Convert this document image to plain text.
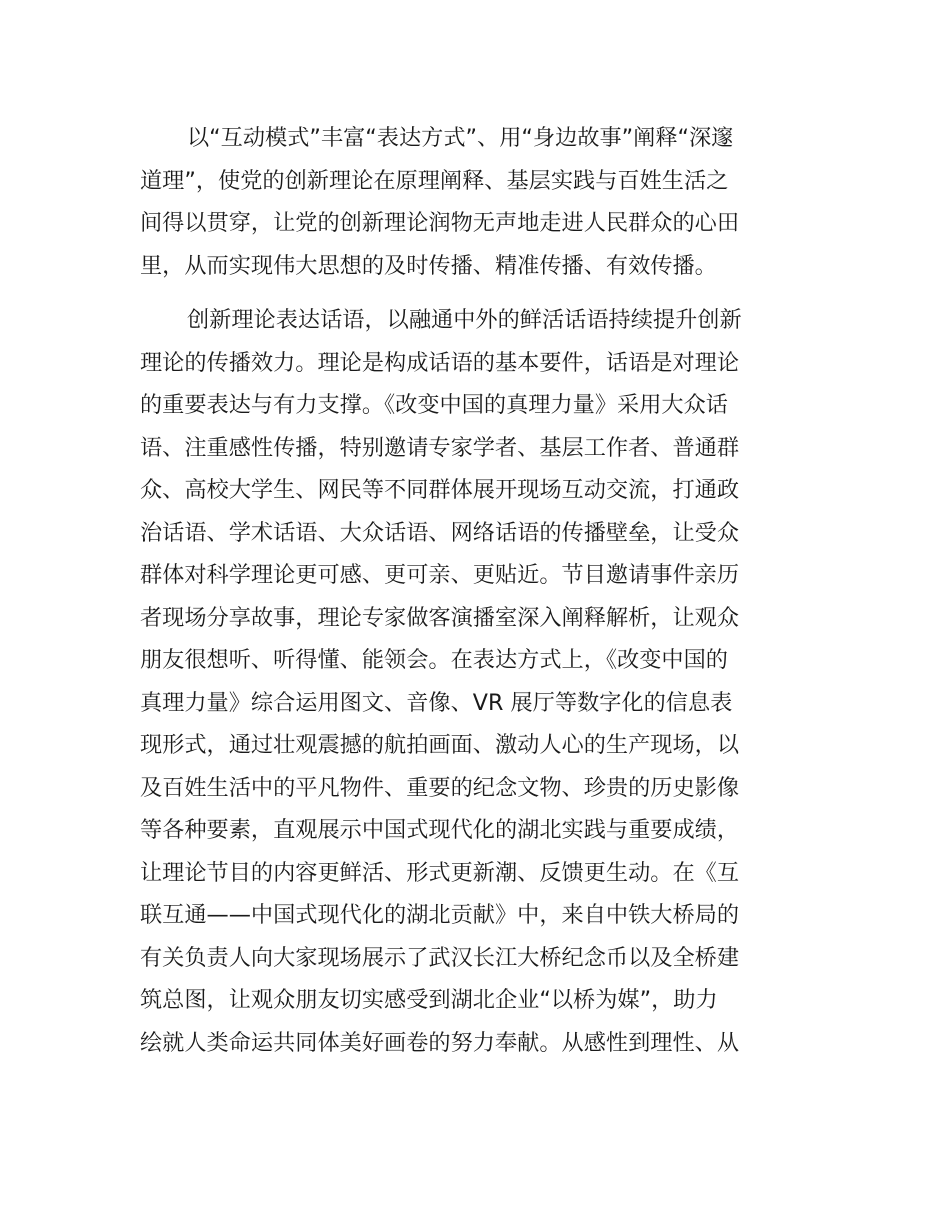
以“互动模式”丰富“表达方式”、用“身边故事”阐释“深邃
道理”，使党的创新理论在原理阐释、基层实践与百姓生活之
间得以贯穿，让党的创新理论润物无声地走进人民群众的心田
里，从而实现伟大思想的及时传播、精准传播、有效传播。
创新理论表达话语，以融通中外的鲜活话语持续提升创新
理论的传播效力。理论是构成话语的基本要件，话语是对理论
的重要表达与有力支撑。《改变中国的真理力量》采用大众话
语、注重感性传播，特别邀请专家学者、基层工作者、普通群
众、高校大学生、网民等不同群体展开现场互动交流，打通政
治话语、学术话语、大众话语、网络话语的传播壁垒，让受众
群体对科学理论更可感、更可亲、更贴近。节目邀请事件亲历
者现场分享故事，理论专家做客演播室深入阐释解析，让观众
朋友很想听、听得懂、能领会。在表达方式上，《改变中国的
真理力量》综合运用图文、音像、VR 展厅等数字化的信息表
现形式，通过壮观震撼的航拍画面、激动人心的生产现场，以
及百姓生活中的平凡物件、重要的纪念文物、珍贵的历史影像
等各种要素，直观展示中国式现代化的湖北实践与重要成绩，
让理论节目的内容更鲜活、形式更新潮、反馈更生动。在《互
联互通——中国式现代化的湖北贡献》中，来自中铁大桥局的
有关负责人向大家现场展示了武汉长江大桥纪念币以及全桥建
筑总图，让观众朋友切实感受到湖北企业“以桥为媒”，助力
绘就人类命运共同体美好画卷的努力奉献。从感性到理性、从
